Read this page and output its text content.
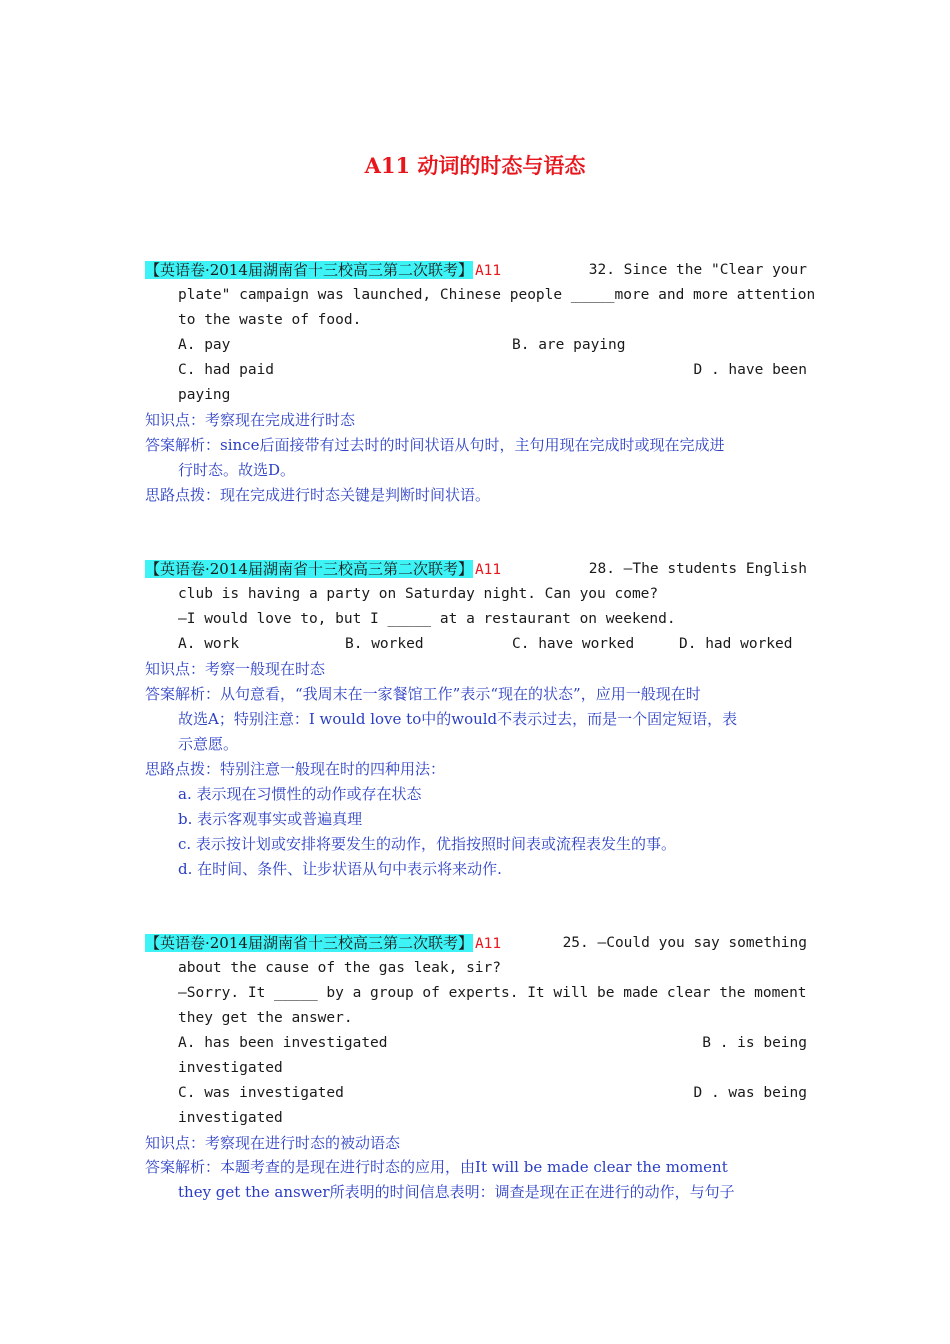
A11 动词的时态与语态
【英语卷·2014届湖南省十三校高三第二次联考】 A11	32. Since the "Clear your
plate" campaign was launched, Chinese people _____more and more attention
to the waste of food.
A. pay	B. are paying
C. had paid	D . have been
paying
知识点：考察现在完成进行时态
答案解析：since后面接带有过去时的时间状语从句时，主句用现在完成时或现在完成进
行时态。故选D。
思路点拨：现在完成进行时态关键是判断时间状语。
【英语卷·2014届湖南省十三校高三第二次联考】 A11	28. —The students English
club is having a party on Saturday night. Can you come?
—I would love to, but I _____ at a restaurant on weekend.
A. work	B. worked	C. have worked	D. had worked
知识点：考察一般现在时态
答案解析：从句意看，“我周末在一家餐馆工作”表示“现在的状态”，应用一般现在时
故选A；特别注意：I would love to中的would不表示过去，而是一个固定短语，表
示意愿。
思路点拨：特别注意一般现在时的四种用法：
a. 表示现在习惯性的动作或存在状态
b. 表示客观事实或普遍真理
c. 表示按计划或安排将要发生的动作，优指按照时间表或流程表发生的事。
d. 在时间、条件、让步状语从句中表示将来动作.
【英语卷·2014届湖南省十三校高三第二次联考】 A11	25. —Could you say something
about the cause of the gas leak, sir?
—Sorry. It _____ by a group of experts. It will be made clear the moment
they get the answer.
A. has been investigated	B . is being
investigated
C. was investigated	D . was being
investigated
知识点：考察现在进行时态的被动语态
答案解析：本题考查的是现在进行时态的应用，由It will be made clear the moment
they get the answer所表明的时间信息表明：调查是现在正在进行的动作，与句子
